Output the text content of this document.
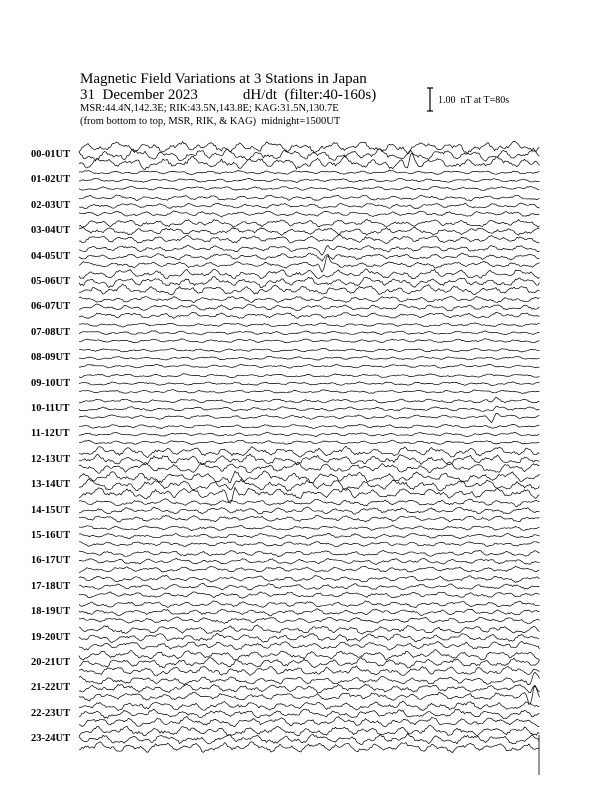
Magnetic Field Variations at 3 Stations in Japan
31  December 2023	dH/dt  (filter:40-160s)
MSR:44.4N,142.3E; RIK:43.5N,143.8E; KAG:31.5N,130.7E
(from bottom to top, MSR, RIK, & KAG)  midnight=1500UT
1.00  nT at T=80s
00-01UT
01-02UT
02-03UT
03-04UT
04-05UT
05-06UT
06-07UT
07-08UT
08-09UT
09-10UT
10-11UT
11-12UT
12-13UT
13-14UT
14-15UT
15-16UT
16-17UT
17-18UT
18-19UT
19-20UT
20-21UT
21-22UT
22-23UT
23-24UT
